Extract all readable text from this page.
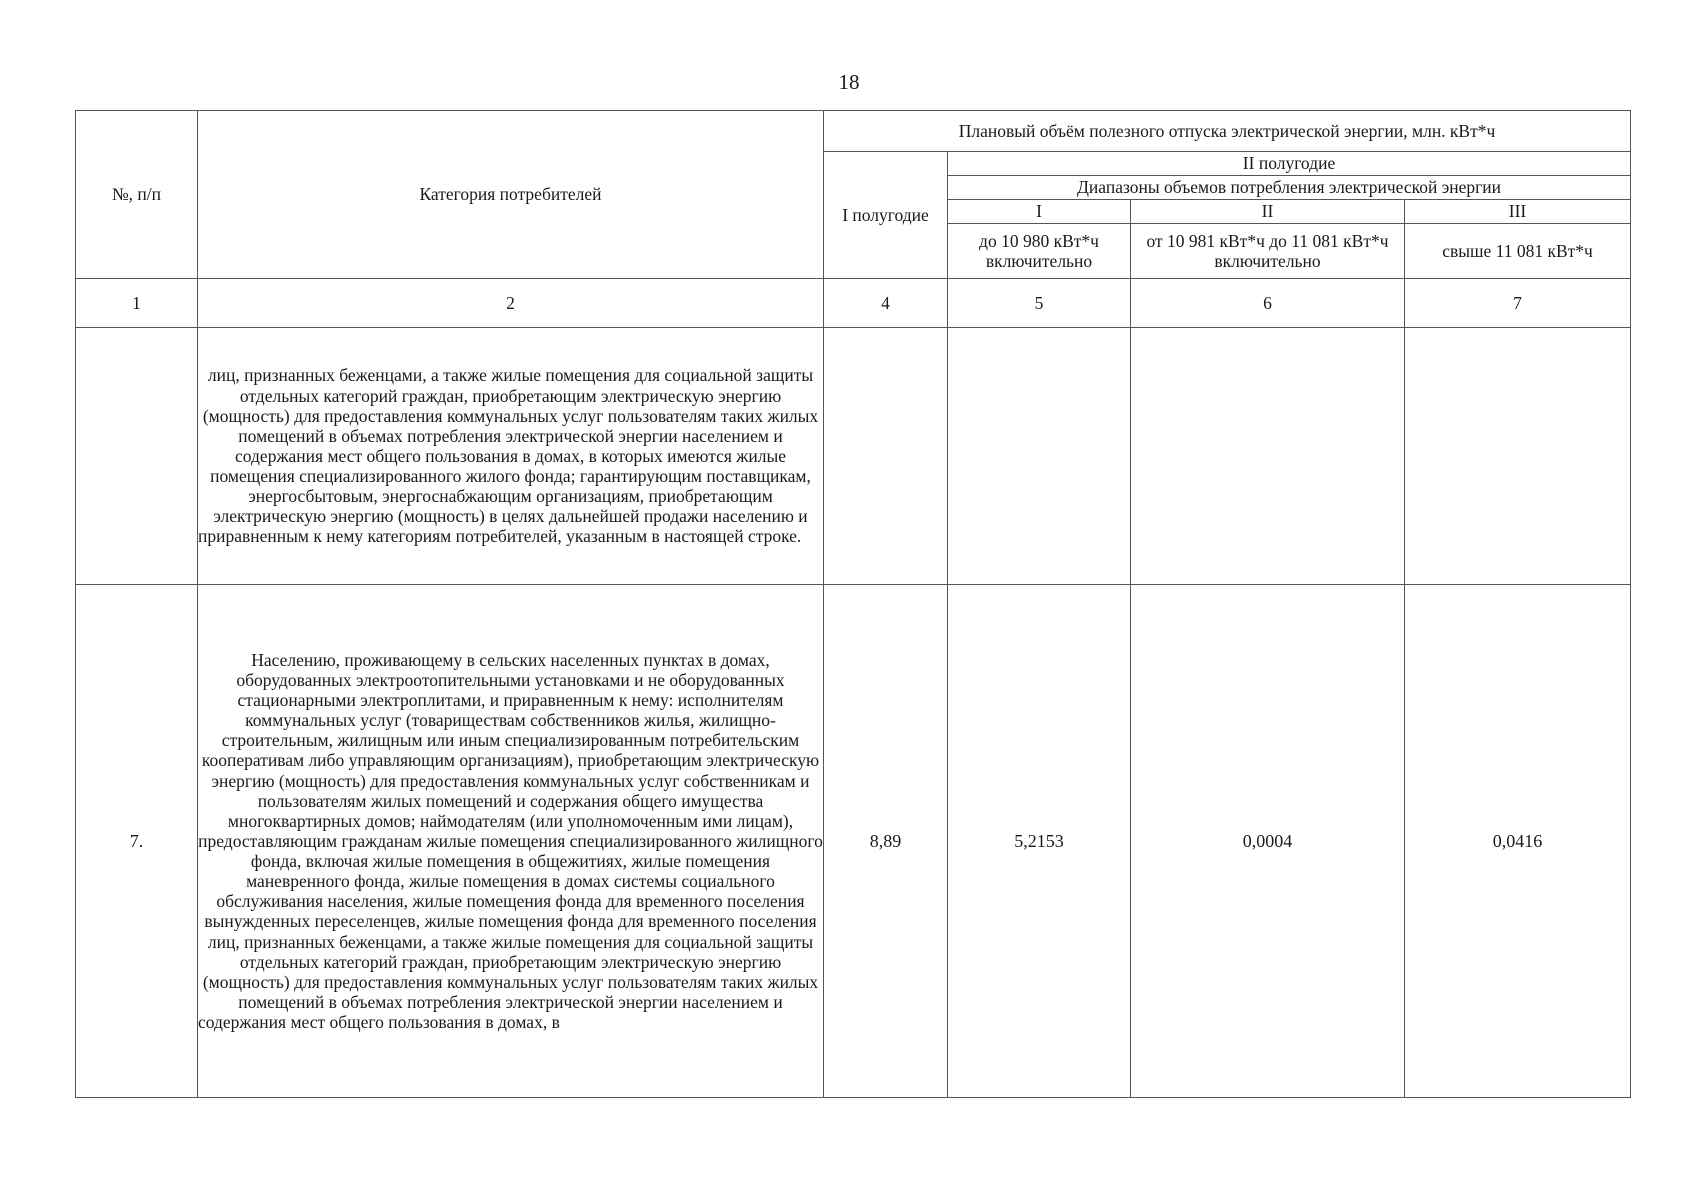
18
№, п/п	Категория потребителей	Плановый объём полезного отпуска электрической энергии, млн. кВт*ч			
		I полугодие	II полугодие		
			Диапазоны объемов потребления электрической энергии		
			I	II	III
			до 10 980 кВт*ч включительно	от 10 981 кВт*ч до 11 081 кВт*ч включительно	свыше 11 081 кВт*ч
1	2	4	5	6	7
	лиц, признанных беженцами, а также жилые помещения для социальной защиты отдельных категорий граждан, приобретающим электрическую энергию (мощность) для предоставления коммунальных услуг пользователям таких жилых помещений в объемах потребления электрической энергии населением и содержания мест общего пользования в домах, в которых имеются жилые помещения специализированного жилого фонда; гарантирующим поставщикам, энергосбытовым, энергоснабжающим организациям, приобретающим электрическую энергию (мощность) в целях дальнейшей продажи населению и приравненным к нему категориям потребителей, указанным в настоящей строке.				
7.	Населению, проживающему в сельских населенных пунктах в домах, оборудованных электроотопительными установками и не оборудованных стационарными электроплитами, и приравненным к нему: исполнителям коммунальных услуг (товариществам собственников жилья, жилищно-строительным, жилищным или иным специализированным потребительским кооперативам либо управляющим организациям), приобретающим электрическую энергию (мощность) для предоставления коммунальных услуг собственникам и пользователям жилых помещений и содержания общего имущества многоквартирных домов; наймодателям (или уполномоченным ими лицам), предоставляющим гражданам жилые помещения специализированного жилищного фонда, включая жилые помещения в общежитиях, жилые помещения маневренного фонда, жилые помещения в домах системы социального обслуживания населения, жилые помещения фонда для временного поселения вынужденных переселенцев, жилые помещения фонда для временного поселения лиц, признанных беженцами, а также жилые помещения для социальной защиты отдельных категорий граждан, приобретающим электрическую энергию (мощность) для предоставления коммунальных услуг пользователям таких жилых помещений в объемах потребления электрической энергии населением и содержания мест общего пользования в домах, в	8,89	5,2153	0,0004	0,0416
